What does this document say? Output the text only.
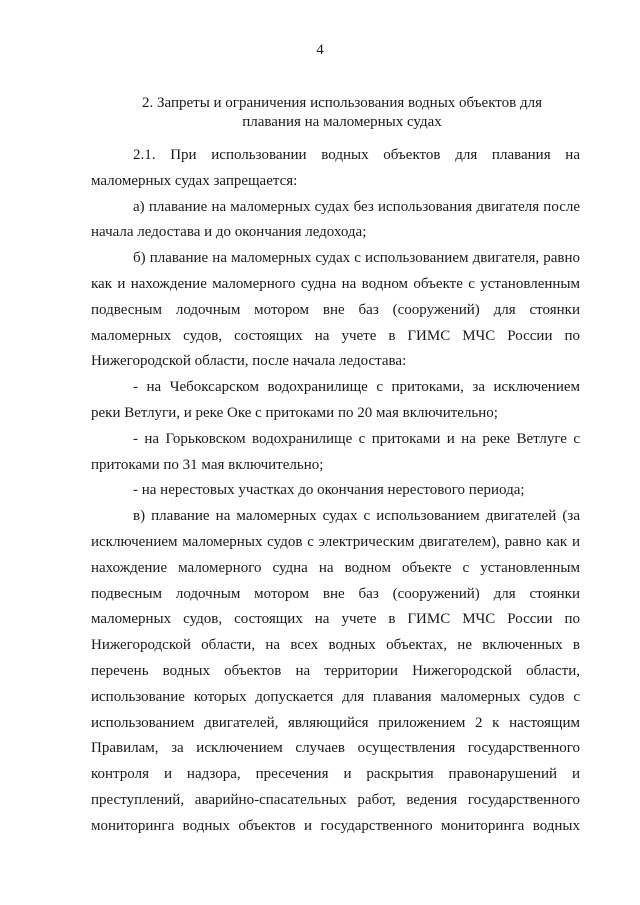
4
2. Запреты и ограничения использования водных объектов для
плавания на маломерных судах
2.1. При использовании водных объектов для плавания на
маломерных судах запрещается:
а) плавание на маломерных судах без использования двигателя после
начала ледостава и до окончания ледохода;
б) плавание на маломерных судах с использованием двигателя, равно
как и нахождение маломерного судна на водном объекте с установленным
подвесным лодочным мотором вне баз (сооружений) для стоянки
маломерных судов, состоящих на учете в ГИМС МЧС России по
Нижегородской области, после начала ледостава:
- на Чебоксарском водохранилище с притоками, за исключением
реки Ветлуги, и реке Оке с притоками по 20 мая включительно;
- на Горьковском водохранилище с притоками и на реке Ветлуге с
притоками по 31 мая включительно;
- на нерестовых участках до окончания нерестового периода;
в) плавание на маломерных судах с использованием двигателей (за
исключением маломерных судов с электрическим двигателем), равно как и
нахождение маломерного судна на водном объекте с установленным
подвесным лодочным мотором вне баз (сооружений) для стоянки
маломерных судов, состоящих на учете в ГИМС МЧС России по
Нижегородской области, на всех водных объектах, не включенных в
перечень водных объектов на территории Нижегородской области,
использование которых допускается для плавания маломерных судов с
использованием двигателей, являющийся приложением 2 к настоящим
Правилам, за исключением случаев осуществления государственного
контроля и надзора, пресечения и раскрытия правонарушений и
преступлений, аварийно-спасательных работ, ведения государственного
мониторинга водных объектов и государственного мониторинга водных
